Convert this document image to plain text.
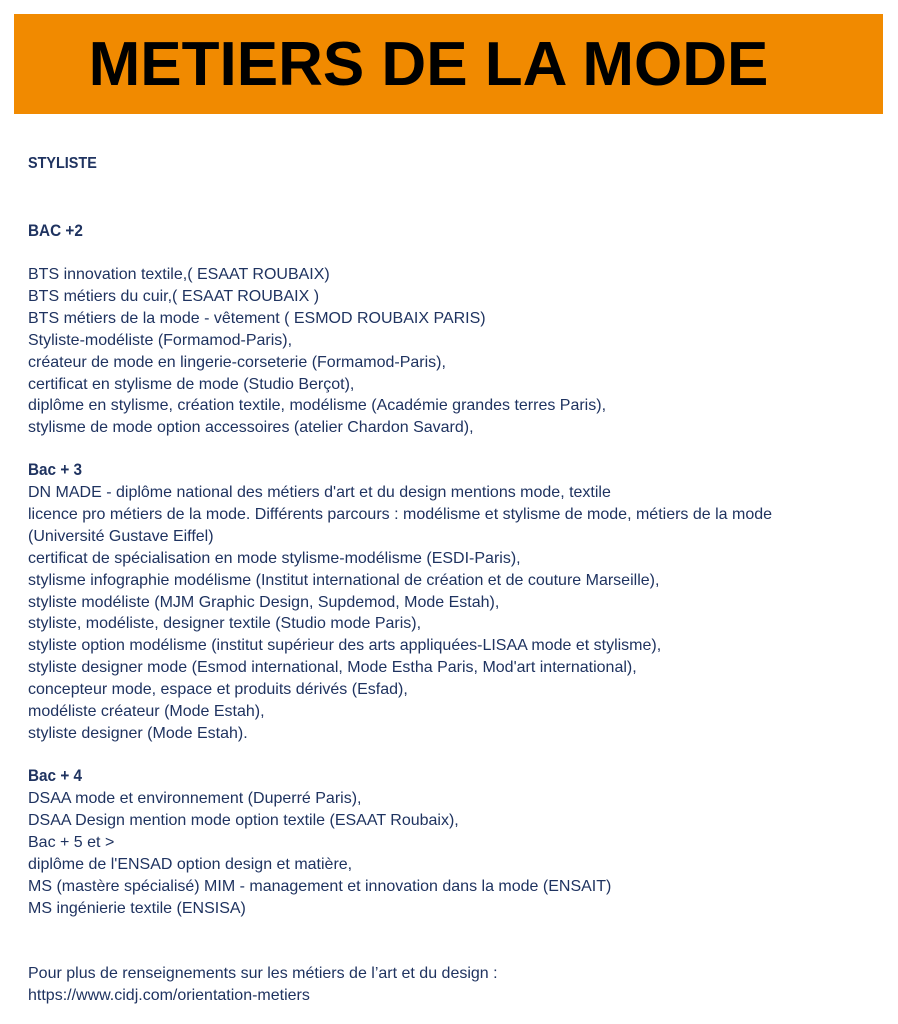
METIERS DE LA MODE
STYLISTE
BAC +2
BTS innovation textile,( ESAAT ROUBAIX)
BTS métiers du cuir,( ESAAT ROUBAIX )
BTS métiers de la mode - vêtement ( ESMOD ROUBAIX PARIS)
Styliste-modéliste (Formamod-Paris),
créateur de mode en lingerie-corseterie (Formamod-Paris),
certificat en stylisme de mode (Studio Berçot),
diplôme en stylisme, création textile, modélisme (Académie grandes terres Paris),
stylisme de mode option accessoires (atelier Chardon Savard),
Bac + 3
DN MADE - diplôme national des métiers d'art et du design mentions mode, textile
licence pro métiers de la mode. Différents parcours : modélisme et stylisme de mode, métiers de la mode
(Université Gustave Eiffel)
certificat de spécialisation en mode stylisme-modélisme (ESDI-Paris),
stylisme infographie modélisme (Institut international de création et de couture Marseille),
styliste modéliste (MJM Graphic Design, Supdemod, Mode Estah),
styliste, modéliste, designer textile (Studio mode Paris),
styliste option modélisme (institut supérieur des arts appliquées-LISAA mode et stylisme),
styliste designer mode (Esmod international, Mode Estha Paris, Mod'art international),
concepteur mode, espace et produits dérivés (Esfad),
modéliste créateur (Mode Estah),
styliste designer (Mode Estah).
Bac + 4
DSAA mode et environnement (Duperré Paris),
DSAA Design mention mode option textile (ESAAT Roubaix),
Bac + 5 et >
diplôme de l'ENSAD option design et matière,
MS (mastère spécialisé) MIM - management et innovation dans la mode (ENSAIT)
MS ingénierie textile (ENSISA)
Pour plus de renseignements sur les métiers de l’art et du design :
https://www.cidj.com/orientation-metiers
